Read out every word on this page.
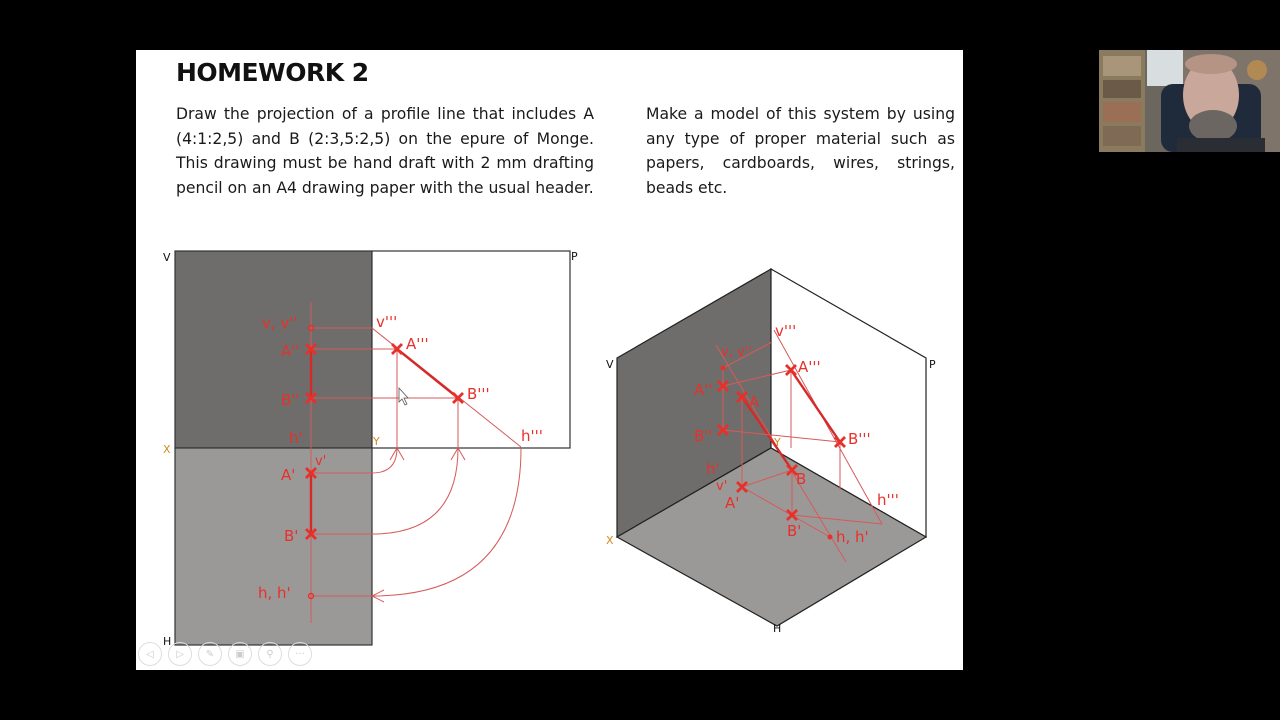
HOMEWORK 2
Draw the projection of a profile line that includes A (4:1:2,5) and B (2:3,5:2,5) on the epure of Monge. This drawing must be hand draft with 2 mm drafting pencil on an A4 drawing paper with the usual header.
Make a model of this system by using any type of proper material such as papers, cardboards, wires, strings, beads etc.
V	P
X
Y
H
v, v''	v'''
A''	A'''
B''	B'''
h'	h'''
v'
A'
B'
h, h'
V	P
X
Y
H
v, v''
v'''
A''
A
A'''
B''
B
B'''
h'
v'
A'
B'
h'''
h, h'
◁	▷	✎	▣	⚲	···
